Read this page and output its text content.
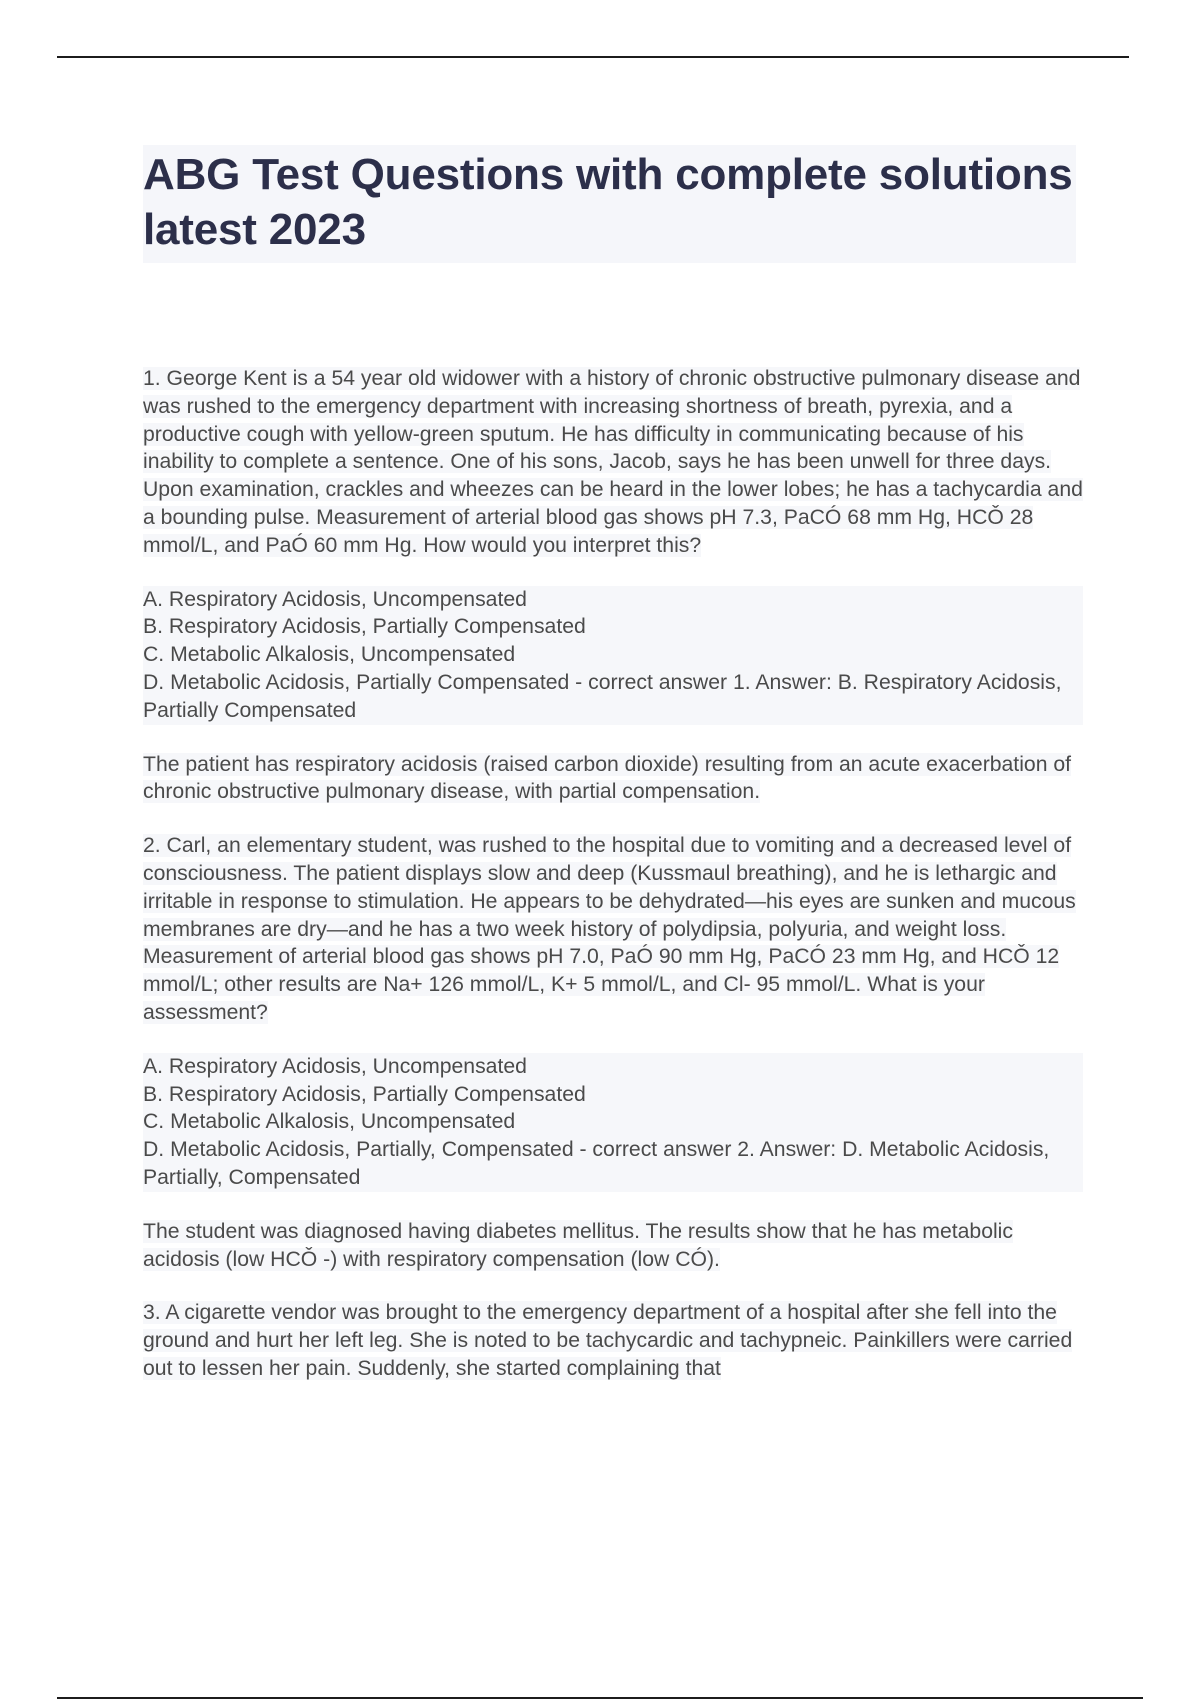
ABG Test Questions with complete solutions latest 2023

1. George Kent is a 54 year old widower with a history of chronic obstructive pulmonary disease and was rushed to the emergency department with increasing shortness of breath, pyrexia, and a productive cough with yellow-green sputum. He has difficulty in communicating because of his inability to complete a sentence. One of his sons, Jacob, says he has been unwell for three days. Upon examination, crackles and wheezes can be heard in the lower lobes; he has a tachycardia and a bounding pulse. Measurement of arterial blood gas shows pH 7.3, PaCÓ 68 mm Hg, HCǑ 28 mmol/L, and PaÓ 60 mm Hg. How would you interpret this?

A. Respiratory Acidosis, Uncompensated
B. Respiratory Acidosis, Partially Compensated
C. Metabolic Alkalosis, Uncompensated
D. Metabolic Acidosis, Partially Compensated - correct answer 1. Answer: B. Respiratory Acidosis, Partially Compensated

The patient has respiratory acidosis (raised carbon dioxide) resulting from an acute exacerbation of chronic obstructive pulmonary disease, with partial compensation.

2. Carl, an elementary student, was rushed to the hospital due to vomiting and a decreased level of consciousness. The patient displays slow and deep (Kussmaul breathing), and he is lethargic and irritable in response to stimulation. He appears to be dehydrated—his eyes are sunken and mucous membranes are dry—and he has a two week history of polydipsia, polyuria, and weight loss. Measurement of arterial blood gas shows pH 7.0, PaÓ 90 mm Hg, PaCÓ 23 mm Hg, and HCǑ 12 mmol/L; other results are Na+ 126 mmol/L, K+ 5 mmol/L, and Cl- 95 mmol/L. What is your assessment?

A. Respiratory Acidosis, Uncompensated
B. Respiratory Acidosis, Partially Compensated
C. Metabolic Alkalosis, Uncompensated
D. Metabolic Acidosis, Partially, Compensated - correct answer 2. Answer: D. Metabolic Acidosis, Partially, Compensated

The student was diagnosed having diabetes mellitus. The results show that he has metabolic acidosis (low HCǑ -) with respiratory compensation (low CÓ).

3. A cigarette vendor was brought to the emergency department of a hospital after she fell into the ground and hurt her left leg. She is noted to be tachycardic and tachypneic. Painkillers were carried out to lessen her pain. Suddenly, she started complaining that
